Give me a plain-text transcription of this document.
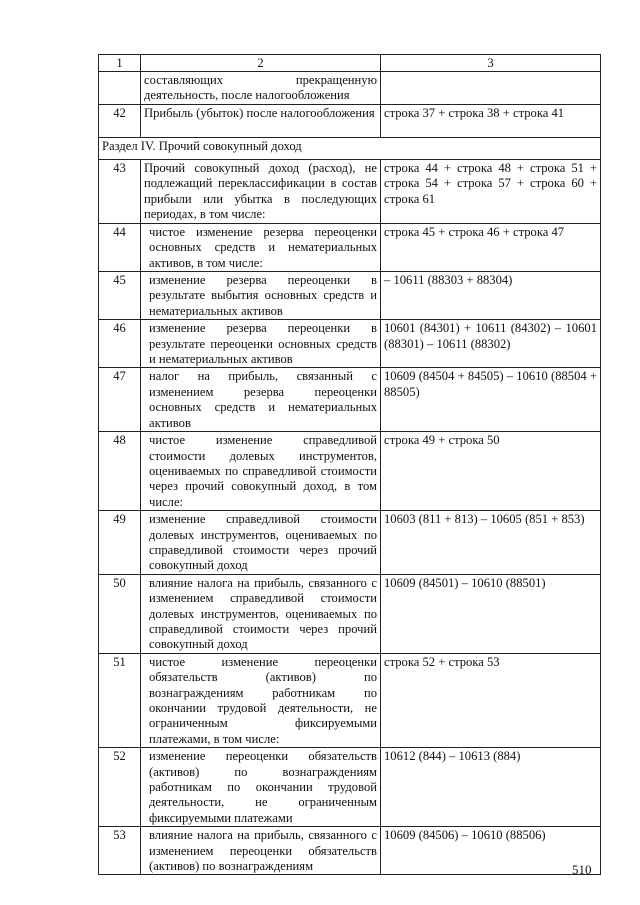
1	2	3
	составляющих прекращенную деятельность, после налогообложения	
42	Прибыль (убыток) после налогообложения	строка 37 + строка 38 + строка 41
Раздел IV. Прочий совокупный доход		
43	Прочий совокупный доход (расход), не подлежащий переклассификации в состав прибыли или убытка в последующих периодах, в том числе:	строка 44 + строка 48 + строка 51 + строка 54 + строка 57 + строка 60 + строка 61
44	чистое изменение резерва переоценки основных средств и нематериальных активов, в том числе:	строка 45 + строка 46 + строка 47
45	изменение резерва переоценки в результате выбытия основных средств и нематериальных активов	– 10611 (88303 + 88304)
46	изменение резерва переоценки в результате переоценки основных средств и нематериальных активов	10601 (84301) + 10611 (84302) – 10601 (88301) – 10611 (88302)
47	налог на прибыль, связанный с изменением резерва переоценки основных средств и нематериальных активов	10609 (84504 + 84505) – 10610 (88504 + 88505)
48	чистое изменение справедливой стоимости долевых инструментов, оцениваемых по справедливой стоимости через прочий совокупный доход, в том числе:	строка 49 + строка 50
49	изменение справедливой стоимости долевых инструментов, оцениваемых по справедливой стоимости через прочий совокупный доход	10603 (811 + 813) – 10605 (851 + 853)
50	влияние налога на прибыль, связанного с изменением справедливой стоимости долевых инструментов, оцениваемых по справедливой стоимости через прочий совокупный доход	10609 (84501) – 10610 (88501)
51	чистое изменение переоценки обязательств (активов) по вознаграждениям работникам по окончании трудовой деятельности, не ограниченным фиксируемыми платежами, в том числе:	строка 52 + строка 53
52	изменение переоценки обязательств (активов) по вознаграждениям работникам по окончании трудовой деятельности, не ограниченным фиксируемыми платежами	10612 (844) – 10613 (884)
53	влияние налога на прибыль, связанного с изменением переоценки обязательств (активов) по вознаграждениям	10609 (84506) – 10610 (88506)
510
